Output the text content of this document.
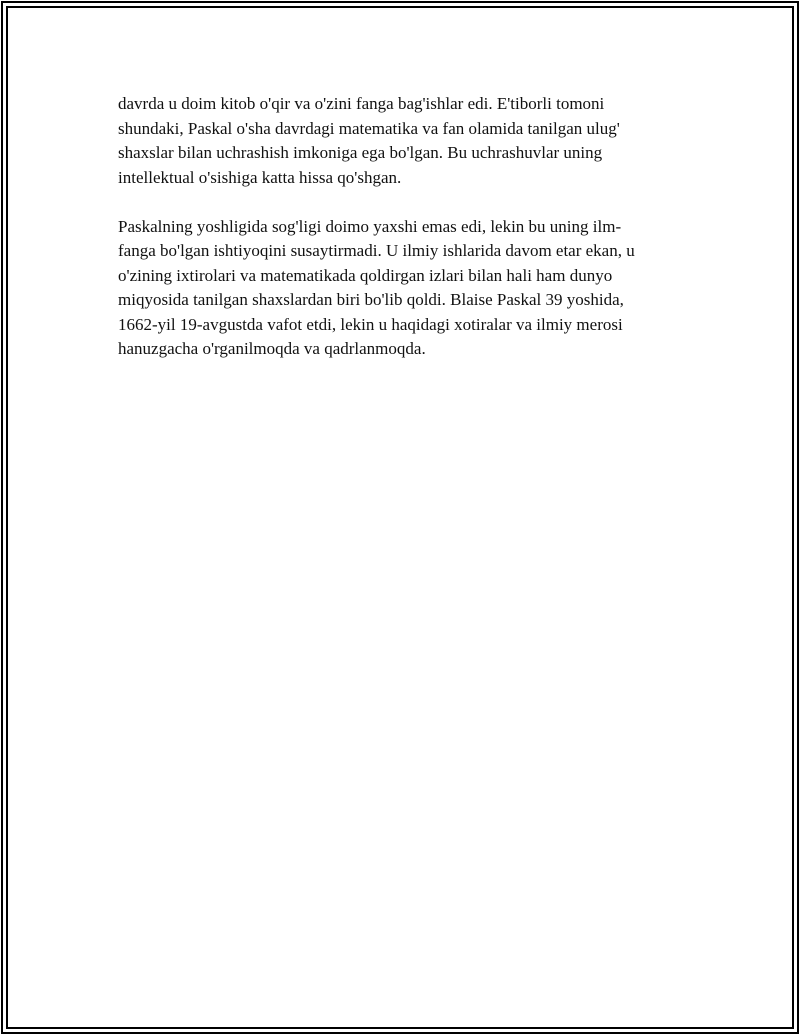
davrda u doim kitob o'qir va o'zini fanga bag'ishlar edi. E'tiborli tomoni
shundaki, Paskal o'sha davrdagi matematika va fan olamida tanilgan ulug'
shaxslar bilan uchrashish imkoniga ega bo'lgan. Bu uchrashuvlar uning
intellektual o'sishiga katta hissa qo'shgan.

Paskalning yoshligida sog'ligi doimo yaxshi emas edi, lekin bu uning ilm-
fanga bo'lgan ishtiyoqini susaytirmadi. U ilmiy ishlarida davom etar ekan, u
o'zining ixtirolari va matematikada qoldirgan izlari bilan hali ham dunyo
miqyosida tanilgan shaxslardan biri bo'lib qoldi. Blaise Paskal 39 yoshida,
1662-yil 19-avgustda vafot etdi, lekin u haqidagi xotiralar va ilmiy merosi
hanuzgacha o'rganilmoqda va qadrlanmoqda.
